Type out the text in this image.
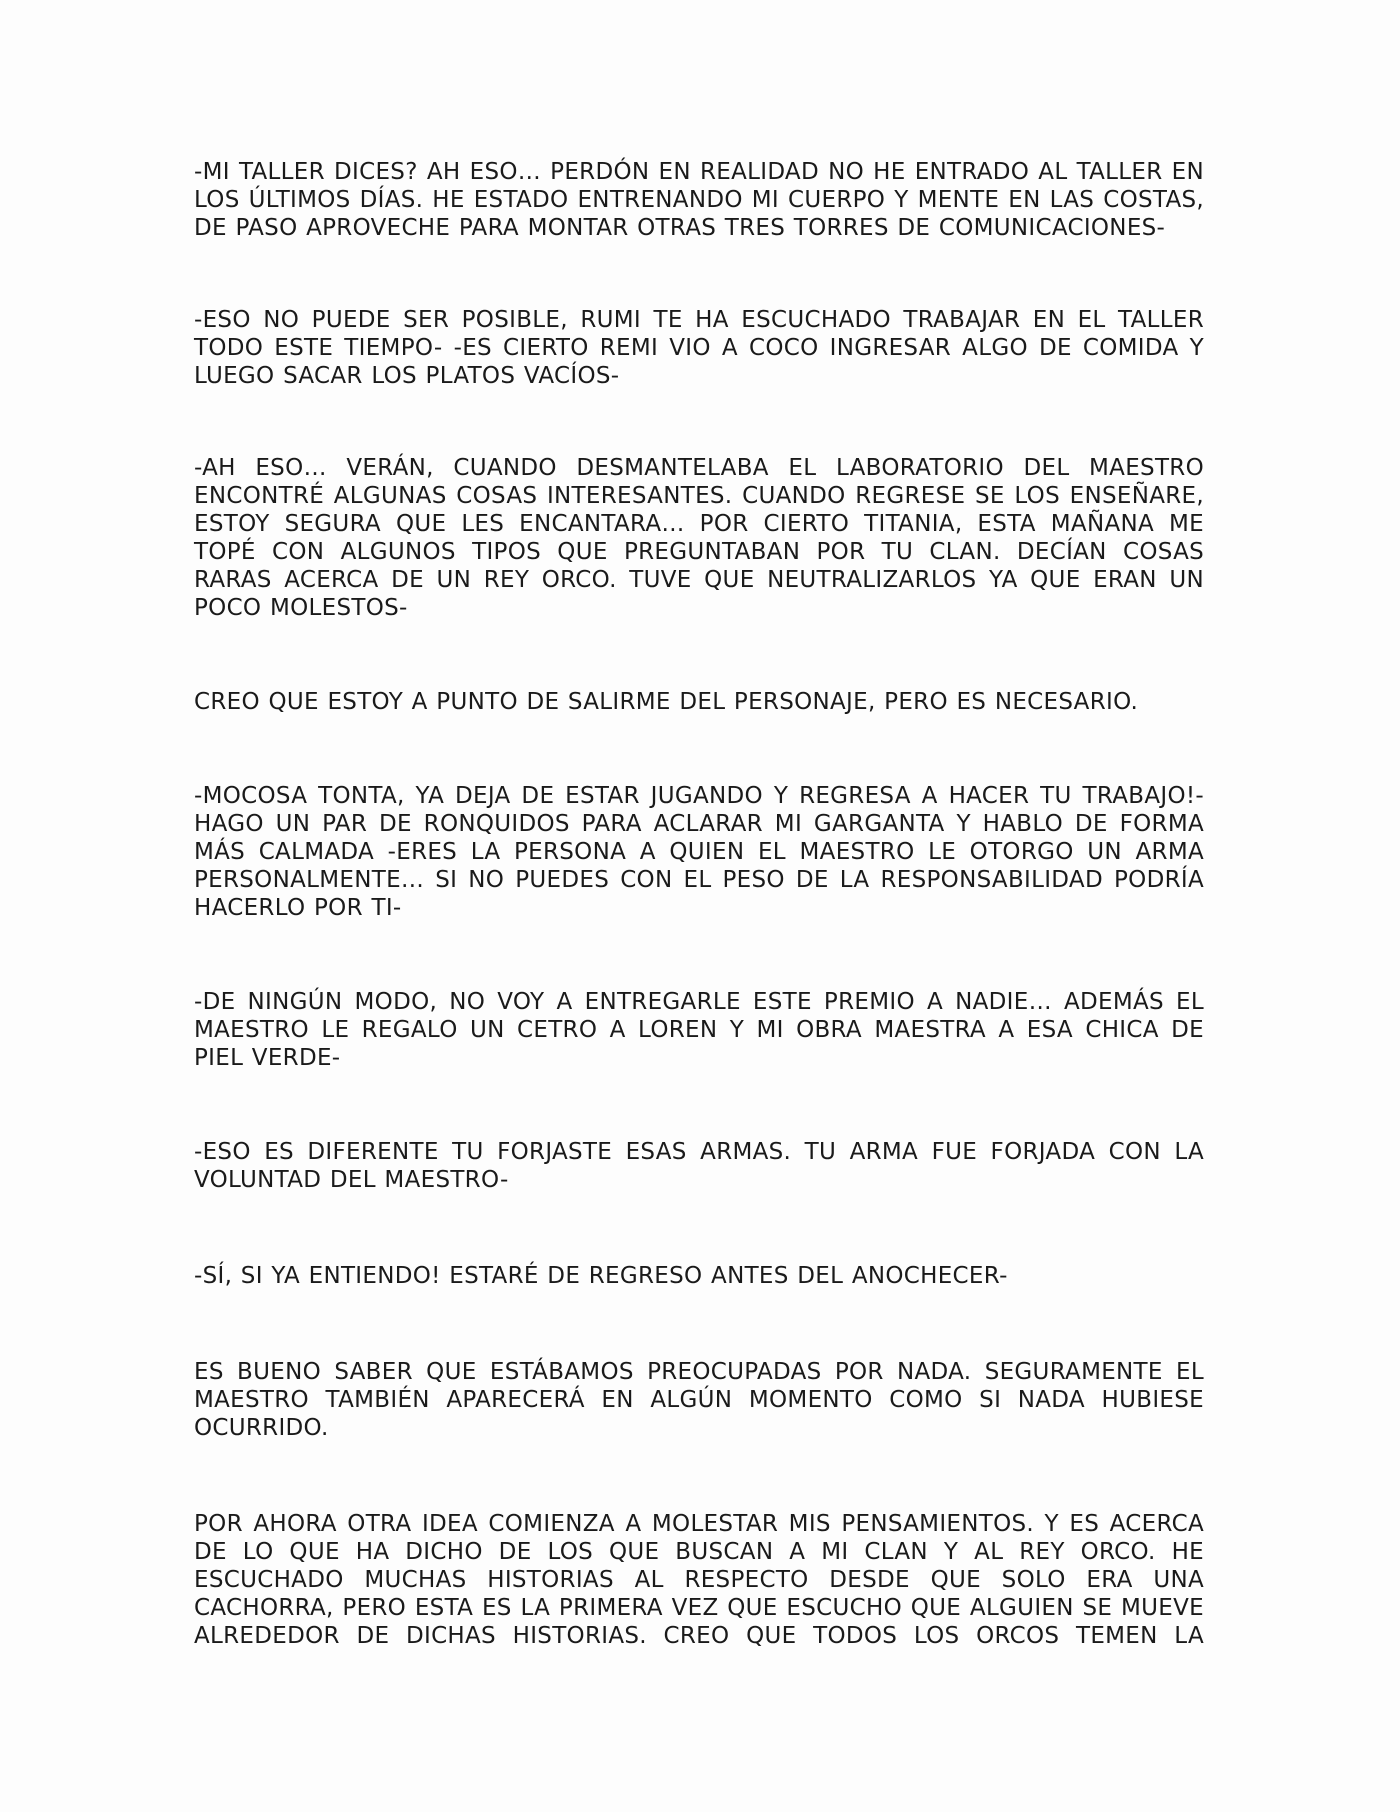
-MI TALLER DICES? AH ESO… PERDÓN EN REALIDAD NO HE ENTRADO AL TALLER EN LOS ÚLTIMOS DÍAS. HE ESTADO ENTRENANDO MI CUERPO Y MENTE EN LAS COSTAS, DE PASO APROVECHE PARA MONTAR OTRAS TRES TORRES DE COMUNICACIONES-

-ESO NO PUEDE SER POSIBLE, RUMI TE HA ESCUCHADO TRABAJAR EN EL TALLER TODO ESTE TIEMPO- -ES CIERTO REMI VIO A COCO INGRESAR ALGO DE COMIDA Y LUEGO SACAR LOS PLATOS VACÍOS-

-AH ESO… VERÁN, CUANDO DESMANTELABA EL LABORATORIO DEL MAESTRO ENCONTRÉ ALGUNAS COSAS INTERESANTES. CUANDO REGRESE SE LOS ENSEÑARE, ESTOY SEGURA QUE LES ENCANTARA… POR CIERTO TITANIA, ESTA MAÑANA ME TOPÉ CON ALGUNOS TIPOS QUE PREGUNTABAN POR TU CLAN. DECÍAN COSAS RARAS ACERCA DE UN REY ORCO. TUVE QUE NEUTRALIZARLOS YA QUE ERAN UN POCO MOLESTOS-

CREO QUE ESTOY A PUNTO DE SALIRME DEL PERSONAJE, PERO ES NECESARIO.

-MOCOSA TONTA, YA DEJA DE ESTAR JUGANDO Y REGRESA A HACER TU TRABAJO!- HAGO UN PAR DE RONQUIDOS PARA ACLARAR MI GARGANTA Y HABLO DE FORMA MÁS CALMADA -ERES LA PERSONA A QUIEN EL MAESTRO LE OTORGO UN ARMA PERSONALMENTE… SI NO PUEDES CON EL PESO DE LA RESPONSABILIDAD PODRÍA HACERLO POR TI-

-DE NINGÚN MODO, NO VOY A ENTREGARLE ESTE PREMIO A NADIE… ADEMÁS EL MAESTRO LE REGALO UN CETRO A LOREN Y MI OBRA MAESTRA A ESA CHICA DE PIEL VERDE-

-ESO ES DIFERENTE TU FORJASTE ESAS ARMAS. TU ARMA FUE FORJADA CON LA VOLUNTAD DEL MAESTRO-

-SÍ, SI YA ENTIENDO! ESTARÉ DE REGRESO ANTES DEL ANOCHECER-

ES BUENO SABER QUE ESTÁBAMOS PREOCUPADAS POR NADA. SEGURAMENTE EL MAESTRO TAMBIÉN APARECERÁ EN ALGÚN MOMENTO COMO SI NADA HUBIESE OCURRIDO.

POR AHORA OTRA IDEA COMIENZA A MOLESTAR MIS PENSAMIENTOS. Y ES ACERCA DE LO QUE HA DICHO DE LOS QUE BUSCAN A MI CLAN Y AL REY ORCO. HE ESCUCHADO MUCHAS HISTORIAS AL RESPECTO DESDE QUE SOLO ERA UNA CACHORRA, PERO ESTA ES LA PRIMERA VEZ QUE ESCUCHO QUE ALGUIEN SE MUEVE ALREDEDOR DE DICHAS HISTORIAS. CREO QUE TODOS LOS ORCOS TEMEN LA
